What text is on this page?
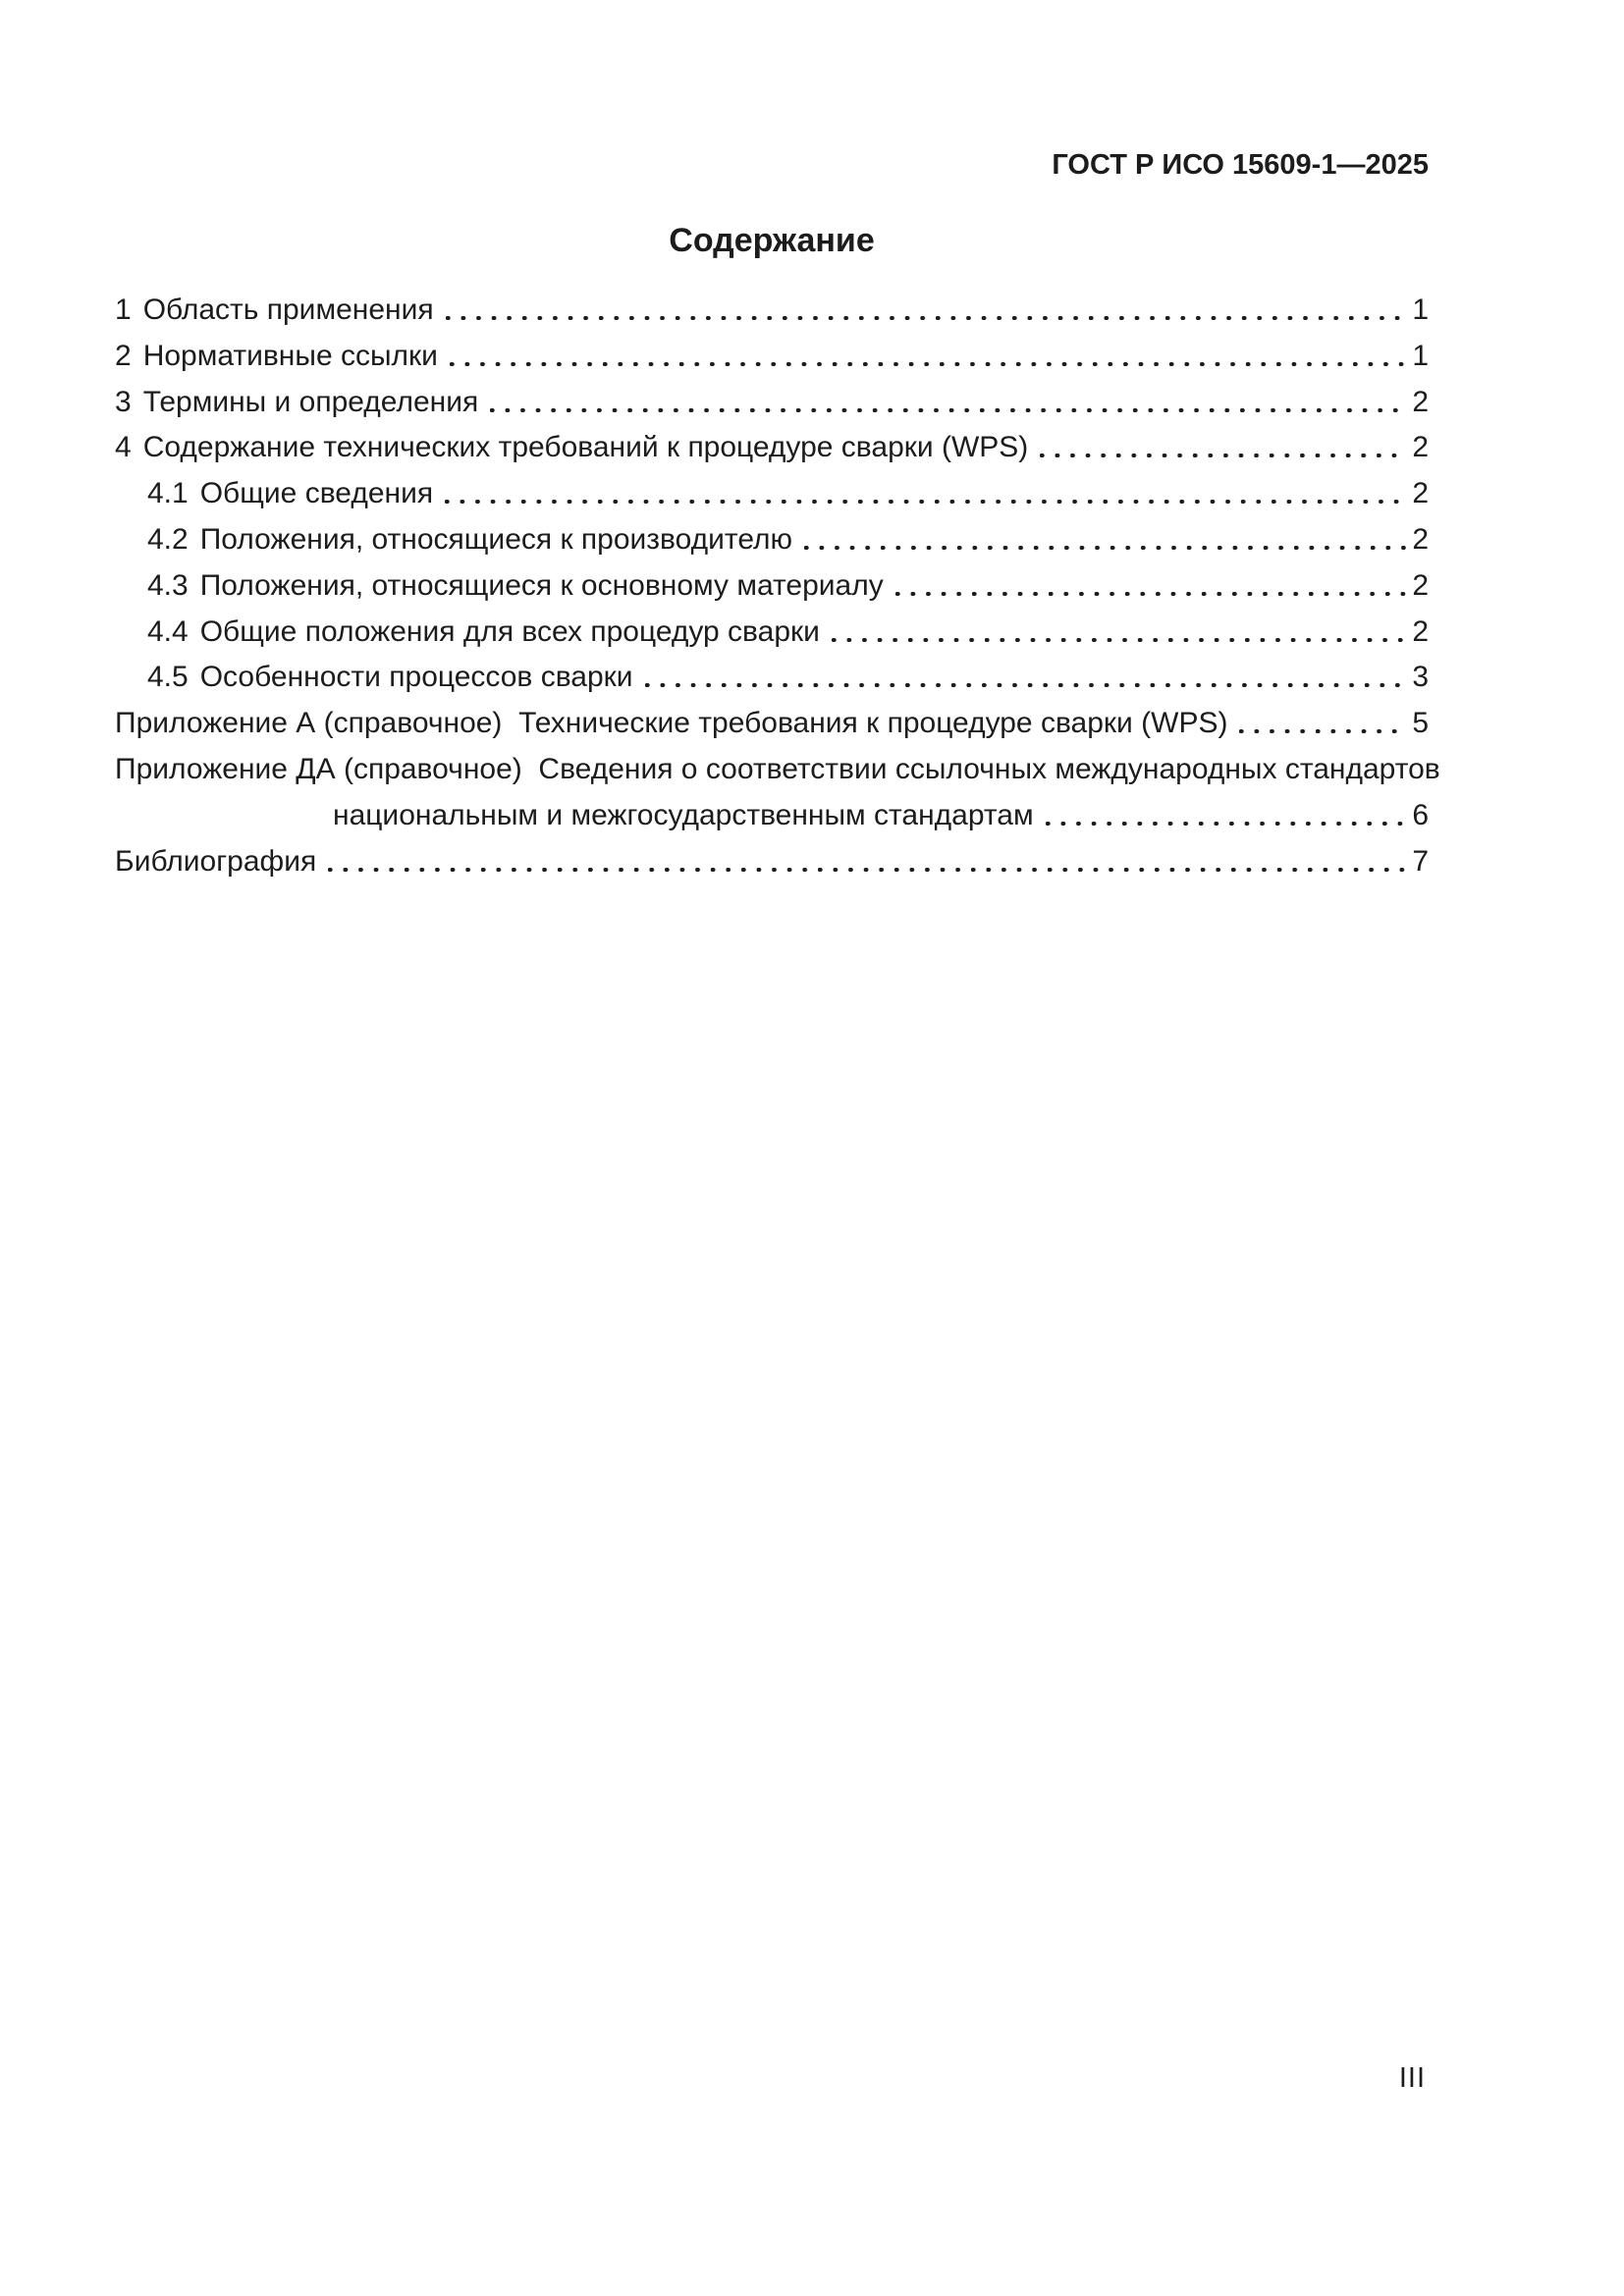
ГОСТ Р ИСО 15609-1—2025
Содержание
1 Область применения	1
2 Нормативные ссылки	1
3 Термины и определения	2
4 Содержание технических требований к процедуре сварки (WPS)	2
4.1 Общие сведения	2
4.2 Положения, относящиеся к производителю	2
4.3 Положения, относящиеся к основному материалу	2
4.4 Общие положения для всех процедур сварки	2
4.5 Особенности процессов сварки	3
Приложение А (справочное)  Технические требования к процедуре сварки (WPS)	5
Приложение ДА (справочное)  Сведения о соответствии ссылочных международных стандартов
национальным и межгосударственным стандартам	6
Библиография	7
III
